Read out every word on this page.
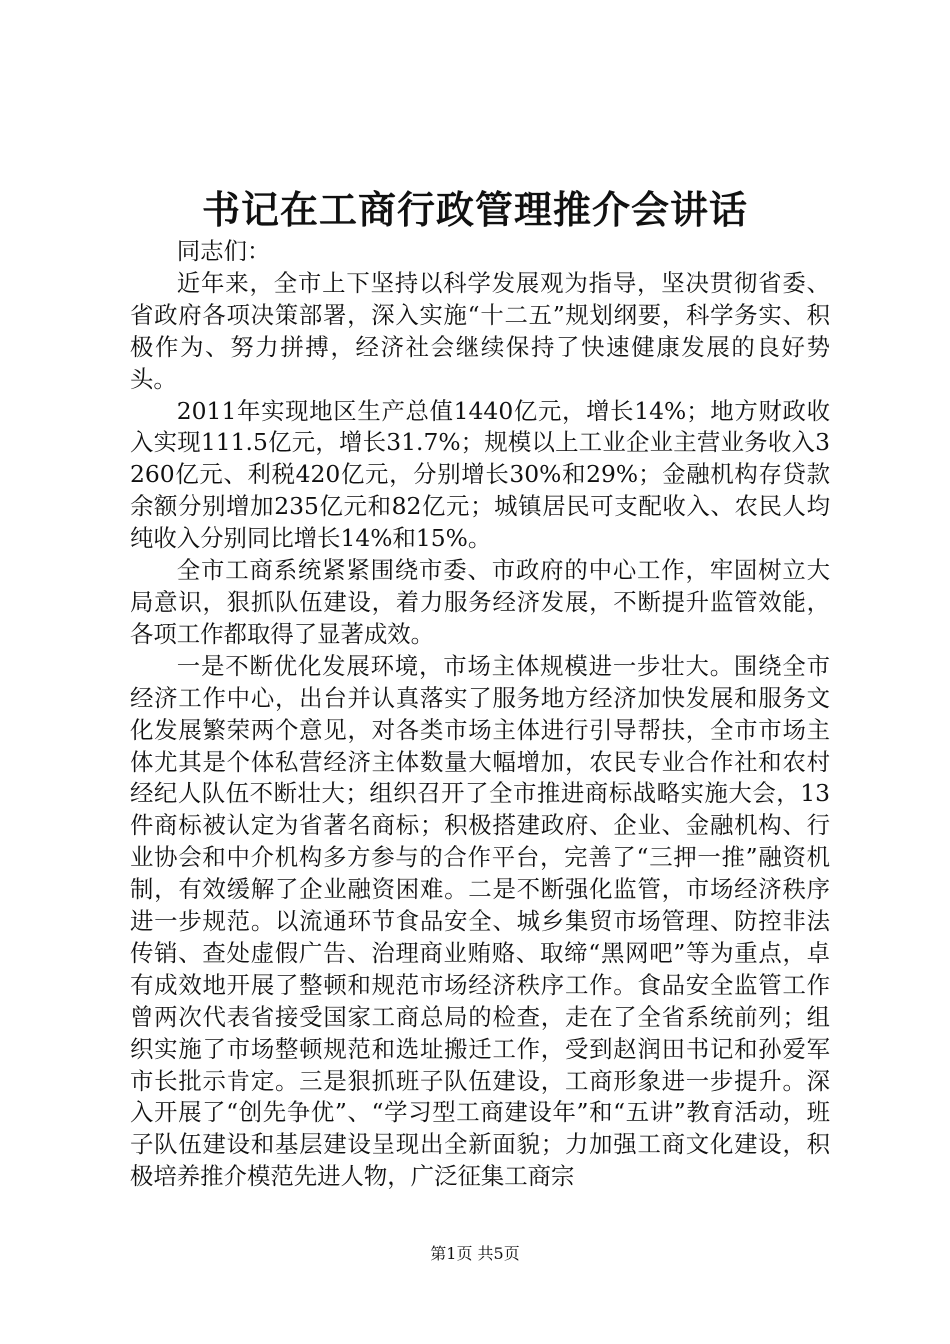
书记在工商行政管理推介会讲话

同志们：

近年来，全市上下坚持以科学发展观为指导，坚决贯彻省委、省政府各项决策部署，深入实施“十二五”规划纲要，科学务实、积极作为、努力拼搏，经济社会继续保持了快速健康发展的良好势头。

2011年实现地区生产总值1440亿元，增长14%；地方财政收入实现111.5亿元，增长31.7%；规模以上工业企业主营业务收入3260亿元、利税420亿元，分别增长30%和29%；金融机构存贷款余额分别增加235亿元和82亿元；城镇居民可支配收入、农民人均纯收入分别同比增长14%和15%。

全市工商系统紧紧围绕市委、市政府的中心工作，牢固树立大局意识，狠抓队伍建设，着力服务经济发展，不断提升监管效能，各项工作都取得了显著成效。

一是不断优化发展环境，市场主体规模进一步壮大。围绕全市经济工作中心，出台并认真落实了服务地方经济加快发展和服务文化发展繁荣两个意见，对各类市场主体进行引导帮扶，全市市场主体尤其是个体私营经济主体数量大幅增加，农民专业合作社和农村经纪人队伍不断壮大；组织召开了全市推进商标战略实施大会，13件商标被认定为省著名商标；积极搭建政府、企业、金融机构、行业协会和中介机构多方参与的合作平台，完善了“三押一推”融资机制，有效缓解了企业融资困难。二是不断强化监管，市场经济秩序进一步规范。以流通环节食品安全、城乡集贸市场管理、防控非法传销、查处虚假广告、治理商业贿赂、取缔“黑网吧”等为重点，卓有成效地开展了整顿和规范市场经济秩序工作。食品安全监管工作曾两次代表省接受国家工商总局的检查，走在了全省系统前列；组织实施了市场整顿规范和选址搬迁工作，受到赵润田书记和孙爱军市长批示肯定。三是狠抓班子队伍建设，工商形象进一步提升。深入开展了“创先争优”、“学习型工商建设年”和“五讲”教育活动，班子队伍建设和基层建设呈现出全新面貌；力加强工商文化建设，积极培养推介模范先进人物，广泛征集工商宗

第1页 共5页
